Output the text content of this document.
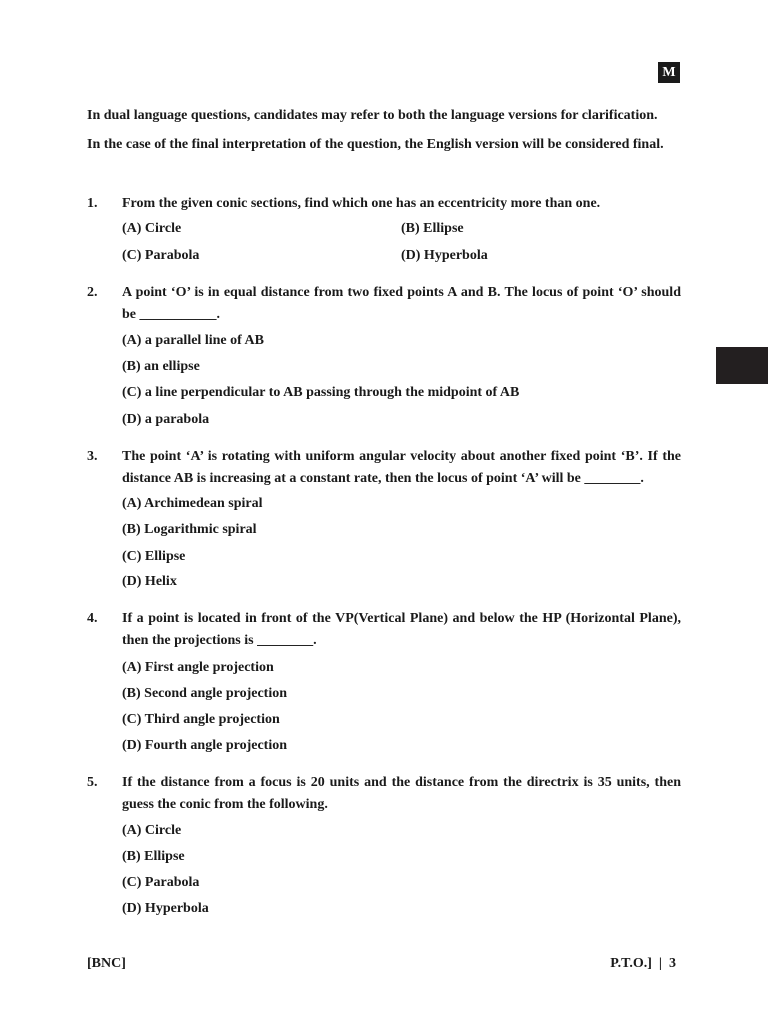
M
In dual language questions, candidates may refer to both the language versions for clarification.
In the case of the final interpretation of the question, the English version will be considered final.
1. From the given conic sections, find which one has an eccentricity more than one.
(A) Circle	(B) Ellipse
(C) Parabola	(D) Hyperbola
2. A point ‘O’ is in equal distance from two fixed points A and B. The locus of point ‘O’ should be ___________.
(A) a parallel line of AB
(B) an ellipse
(C) a line perpendicular to AB passing through the midpoint of AB
(D) a parabola
3. The point ‘A’ is rotating with uniform angular velocity about another fixed point ‘B’. If the distance AB is increasing at a constant rate, then the locus of point ‘A’ will be ________.
(A) Archimedean spiral
(B) Logarithmic spiral
(C) Ellipse
(D) Helix
4. If a point is located in front of the VP(Vertical Plane) and below the HP (Horizontal Plane), then the projections is ________.
(A) First angle projection
(B) Second angle projection
(C) Third angle projection
(D) Fourth angle projection
5. If the distance from a focus is 20 units and the distance from the directrix is 35 units, then guess the conic from the following.
(A) Circle
(B) Ellipse
(C) Parabola
(D) Hyperbola
[BNC]	P.T.O.]  |  3
